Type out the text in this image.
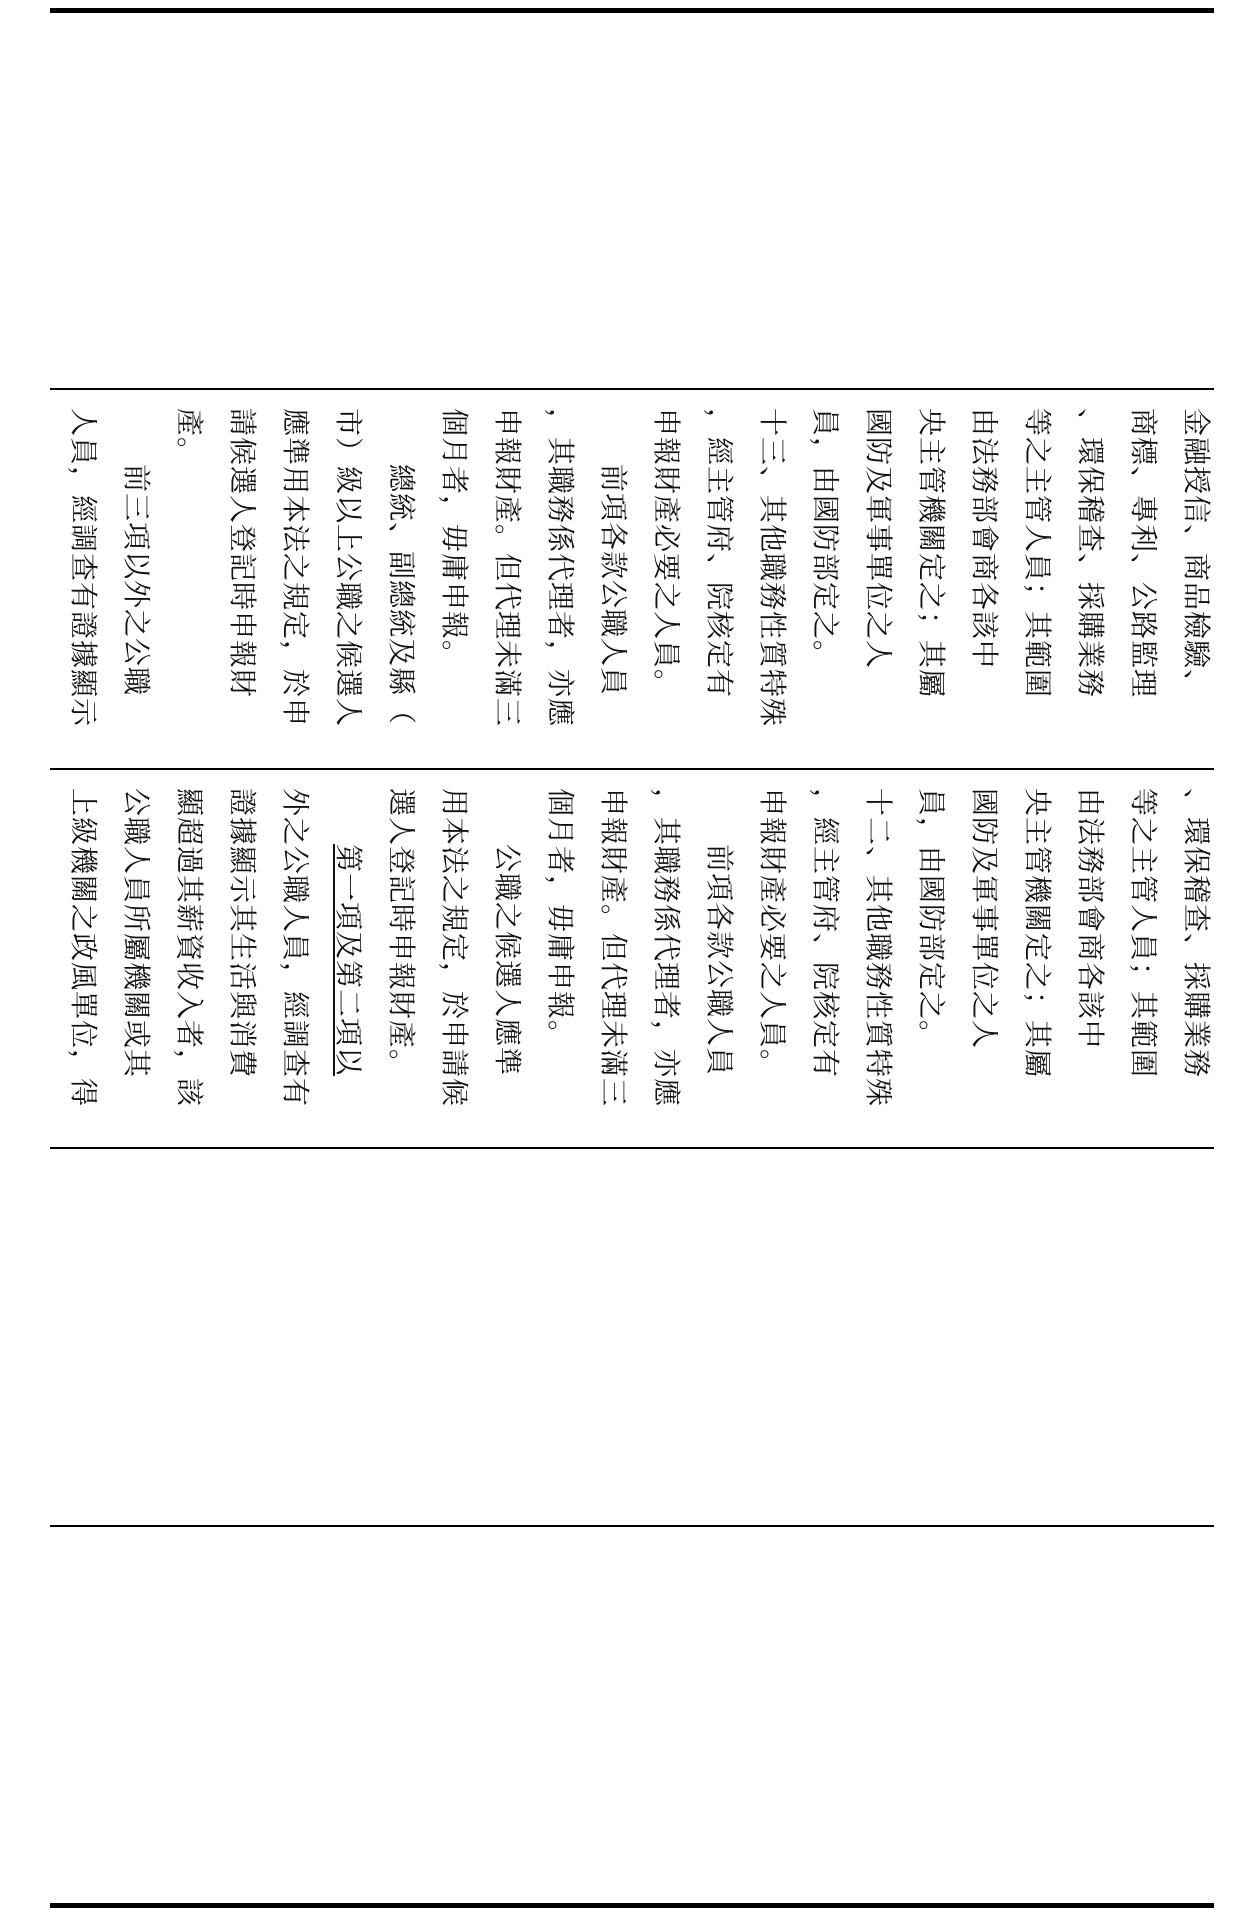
金融授信、商品檢驗、
商標、專利、公路監理
、環保稽查、採購業務
等之主管人員；其範圍
由法務部會商各該中
央主管機關定之；其屬
國防及軍事單位之人
員，由國防部定之。
十三、其他職務性質特殊
，經主管府、院核定有
申報財產必要之人員。
前項各款公職人員
，其職務係代理者，亦應
申報財產。但代理未滿三
個月者，毋庸申報。
總統、副總統及縣（
市）級以上公職之候選人
應準用本法之規定，於申
請候選人登記時申報財
產。
前三項以外之公職
人員，經調查有證據顯示
、環保稽查、採購業務
等之主管人員；其範圍
由法務部會商各該中
央主管機關定之；其屬
國防及軍事單位之人
員，由國防部定之。
十二、其他職務性質特殊
，經主管府、院核定有
申報財產必要之人員。
前項各款公職人員
，其職務係代理者，亦應
申報財產。但代理未滿三
個月者，毋庸申報。
公職之候選人應準
用本法之規定，於申請候
選人登記時申報財產。
第一項及第二項以
外之公職人員，經調查有
證據顯示其生活與消費
顯超過其薪資收入者，該
公職人員所屬機關或其
上級機關之政風單位，得
